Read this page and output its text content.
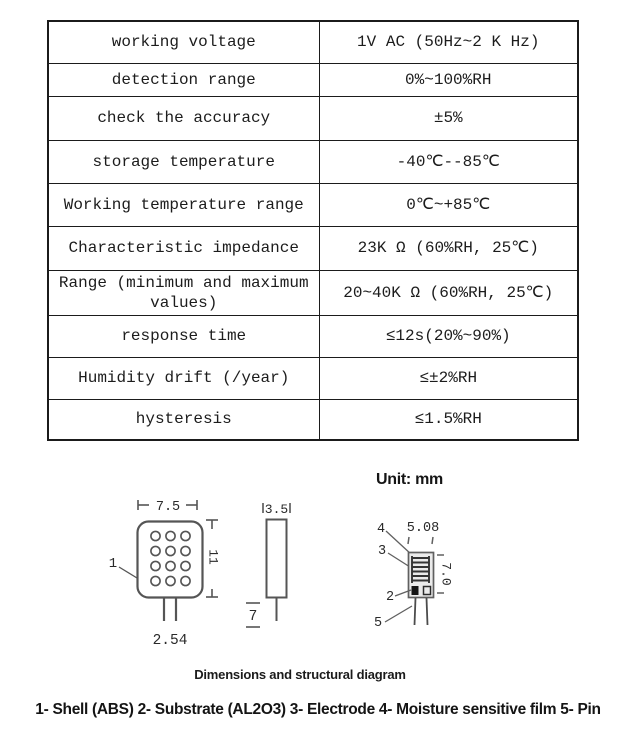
working voltage	1V AC (50Hz~2 K Hz)
detection range	0%~100%RH
check the accuracy	±5%
storage temperature	-40℃--85℃
Working temperature range	0℃~+85℃
Characteristic impedance	23K Ω (60%RH, 25℃)
Range (minimum and maximum values)	20~40K Ω (60%RH, 25℃)
response time	≤12s(20%~90%)
Humidity drift (/year)	≤±2%RH
hysteresis	≤1.5%RH
Unit: mm
7.5
1	11
2.54
3.5
7
5.08
4
3
7.0
2
5
Dimensions and structural diagram
1- Shell (ABS) 2- Substrate (AL2O3) 3- Electrode 4- Moisture sensitive film 5- Pin
